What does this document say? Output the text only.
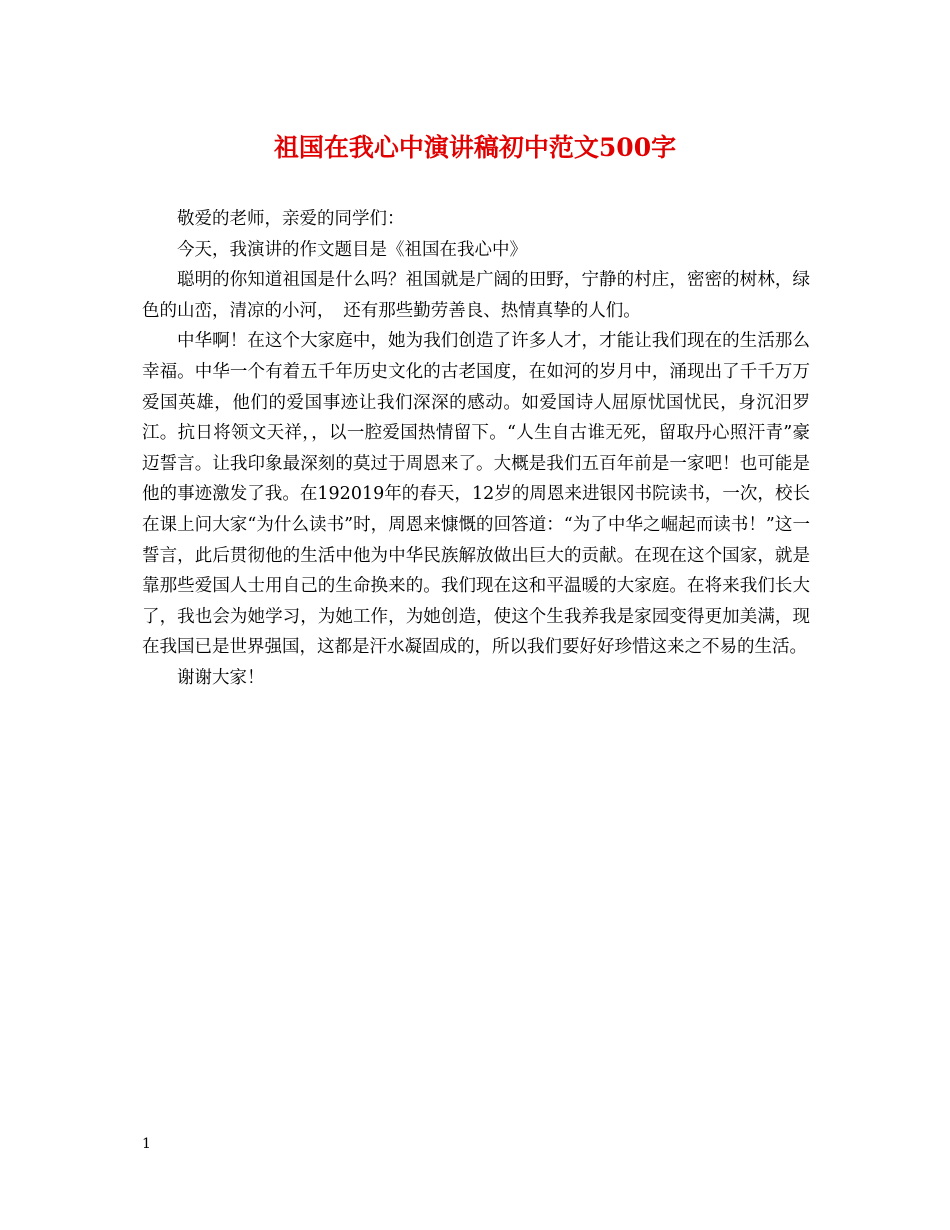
祖国在我心中演讲稿初中范文500字

敬爱的老师，亲爱的同学们：

今天，我演讲的作文题目是《祖国在我心中》

聪明的你知道祖国是什么吗？祖国就是广阔的田野，宁静的村庄，密密的树林，绿色的山峦，清凉的小河，　还有那些勤劳善良、热情真挚的人们。

中华啊！在这个大家庭中，她为我们创造了许多人才，才能让我们现在的生活那么幸福。中华一个有着五千年历史文化的古老国度，在如河的岁月中，涌现出了千千万万爱国英雄，他们的爱国事迹让我们深深的感动。如爱国诗人屈原忧国忧民，身沉汨罗江。抗日将领文天祥，，以一腔爱国热情留下。“人生自古谁无死，留取丹心照汗青”豪迈誓言。让我印象最深刻的莫过于周恩来了。大概是我们五百年前是一家吧！也可能是他的事迹激发了我。在192019年的春天，12岁的周恩来进银冈书院读书，一次，校长在课上问大家“为什么读书”时，周恩来慷慨的回答道：“为了中华之崛起而读书！”这一誓言，此后贯彻他的生活中他为中华民族解放做出巨大的贡献。在现在这个国家，就是靠那些爱国人士用自己的生命换来的。我们现在这和平温暖的大家庭。在将来我们长大了，我也会为她学习，为她工作，为她创造，使这个生我养我是家园变得更加美满，现在我国已是世界强国，这都是汗水凝固成的，所以我们要好好珍惜这来之不易的生活。

谢谢大家！

1
